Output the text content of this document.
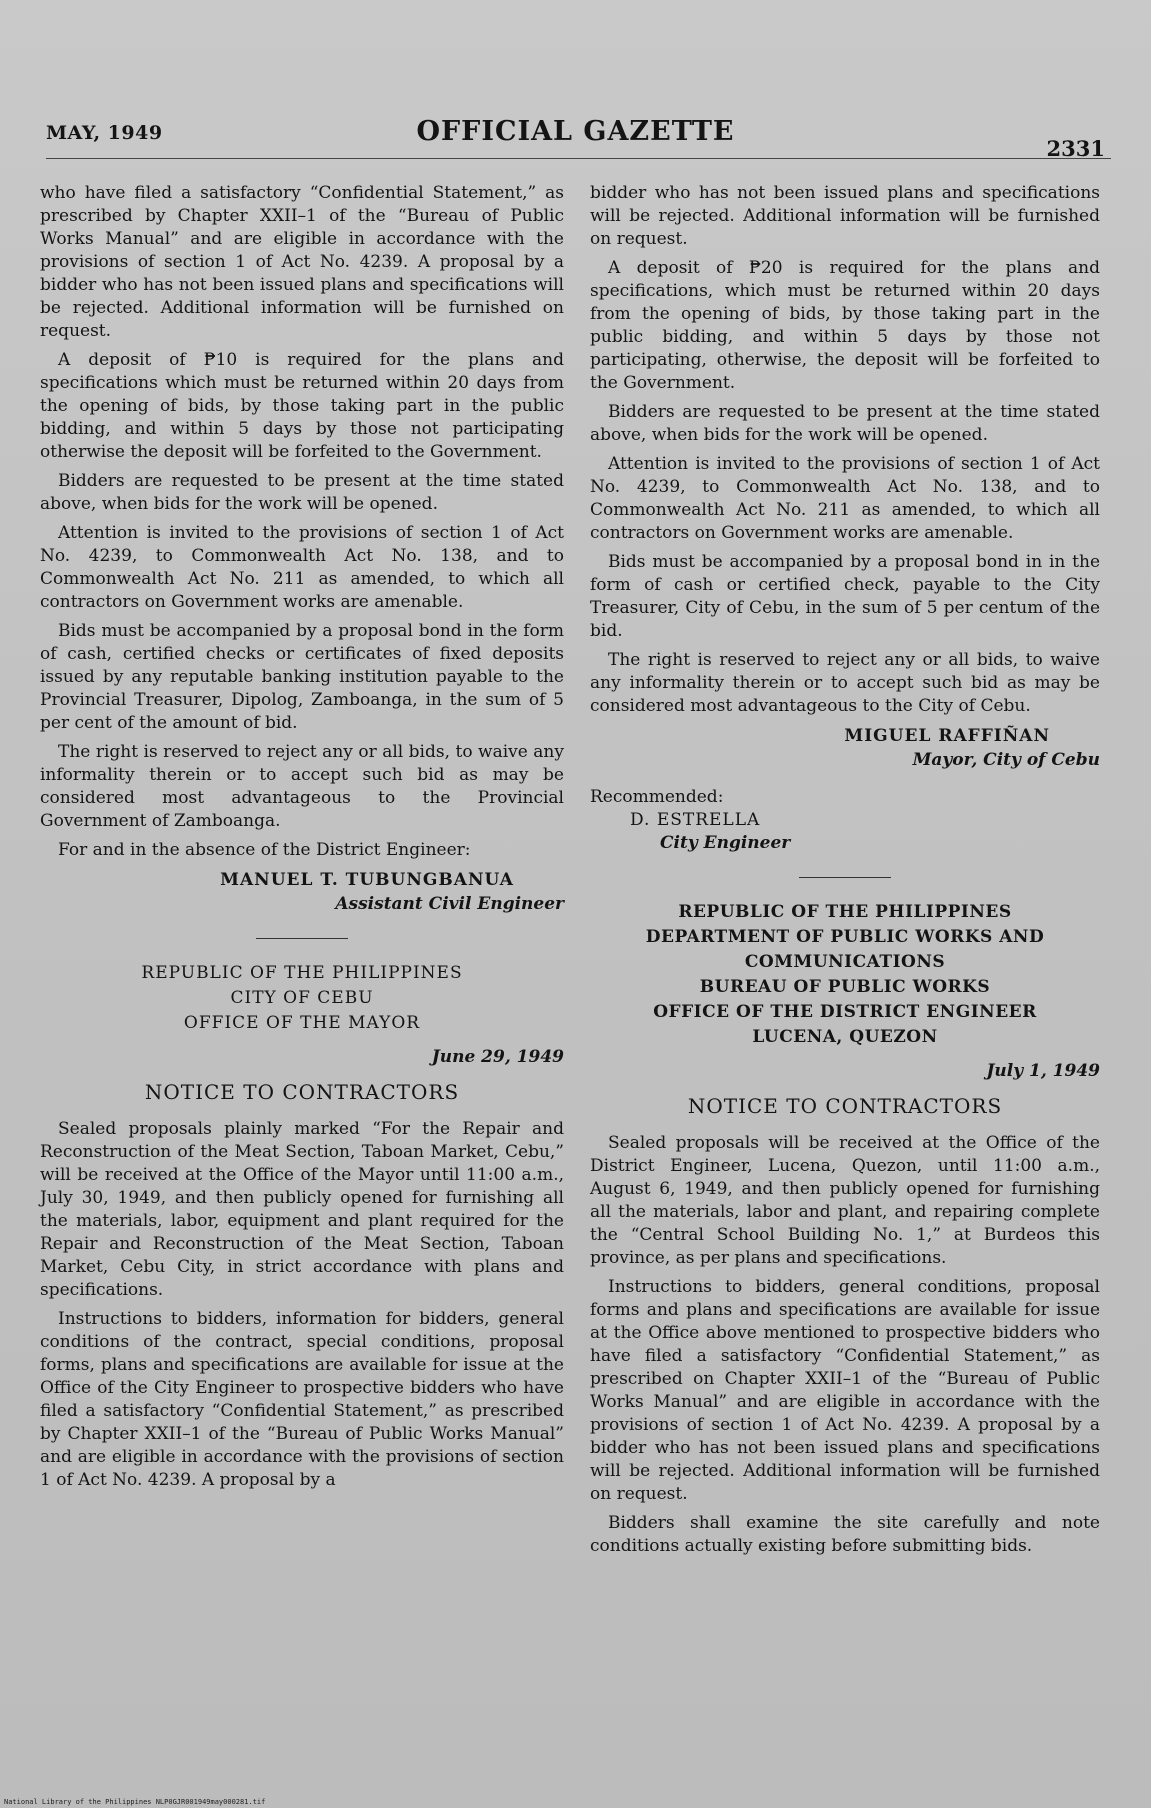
MAY, 1949	OFFICIAL GAZETTE
2331

who have filed a satisfactory “Confidential Statement,” as prescribed by Chapter XXII–1 of the “Bureau of Public Works Manual” and are eligible in accordance with the provisions of section 1 of Act No. 4239. A proposal by a bidder who has not been issued plans and specifications will be rejected. Additional information will be furnished on request.

A deposit of ₱10 is required for the plans and specifications which must be returned within 20 days from the opening of bids, by those taking part in the public bidding, and within 5 days by those not participating otherwise the deposit will be forfeited to the Government.

Bidders are requested to be present at the time stated above, when bids for the work will be opened.

Attention is invited to the provisions of section 1 of Act No. 4239, to Commonwealth Act No. 138, and to Commonwealth Act No. 211 as amended, to which all contractors on Government works are amenable.

Bids must be accompanied by a proposal bond in the form of cash, certified checks or certificates of fixed deposits issued by any reputable banking institution payable to the Provincial Treasurer, Dipolog, Zamboanga, in the sum of 5 per cent of the amount of bid.

The right is reserved to reject any or all bids, to waive any informality therein or to accept such bid as may be considered most advantageous to the Provincial Government of Zamboanga.

For and in the absence of the District Engineer:

MANUEL T. TUBUNGBANUA
Assistant Civil Engineer
REPUBLIC OF THE PHILIPPINES
CITY OF CEBU
OFFICE OF THE MAYOR
June 29, 1949
NOTICE TO CONTRACTORS

Sealed proposals plainly marked “For the Repair and Reconstruction of the Meat Section, Taboan Market, Cebu,” will be received at the Office of the Mayor until 11:00 a.m., July 30, 1949, and then publicly opened for furnishing all the materials, labor, equipment and plant required for the Repair and Reconstruction of the Meat Section, Taboan Market, Cebu City, in strict accordance with plans and specifications.

Instructions to bidders, information for bidders, general conditions of the contract, special conditions, proposal forms, plans and specifications are available for issue at the Office of the City Engineer to prospective bidders who have filed a satisfactory “Confidential Statement,” as prescribed by Chapter XXII–1 of the “Bureau of Public Works Manual” and are eligible in accordance with the provisions of section 1 of Act No. 4239. A proposal by a

bidder who has not been issued plans and specifications will be rejected. Additional information will be furnished on request.

A deposit of ₱20 is required for the plans and specifications, which must be returned within 20 days from the opening of bids, by those taking part in the public bidding, and within 5 days by those not participating, otherwise, the deposit will be forfeited to the Government.

Bidders are requested to be present at the time stated above, when bids for the work will be opened.

Attention is invited to the provisions of section 1 of Act No. 4239, to Commonwealth Act No. 138, and to Commonwealth Act No. 211 as amended, to which all contractors on Government works are amenable.

Bids must be accompanied by a proposal bond in in the form of cash or certified check, payable to the City Treasurer, City of Cebu, in the sum of 5 per centum of the bid.

The right is reserved to reject any or all bids, to waive any informality therein or to accept such bid as may be considered most advantageous to the City of Cebu.

MIGUEL RAFFIÑAN
Mayor, City of Cebu
Recommended:
D. ESTRELLA
City Engineer
REPUBLIC OF THE PHILIPPINES
DEPARTMENT OF PUBLIC WORKS AND COMMUNICATIONS
BUREAU OF PUBLIC WORKS
OFFICE OF THE DISTRICT ENGINEER
LUCENA, QUEZON
July 1, 1949
NOTICE TO CONTRACTORS

Sealed proposals will be received at the Office of the District Engineer, Lucena, Quezon, until 11:00 a.m., August 6, 1949, and then publicly opened for furnishing all the materials, labor and plant, and repairing complete the “Central School Building No. 1,” at Burdeos this province, as per plans and specifications.

Instructions to bidders, general conditions, proposal forms and plans and specifications are available for issue at the Office above mentioned to prospective bidders who have filed a satisfactory “Confidential Statement,” as prescribed on Chapter XXII–1 of the “Bureau of Public Works Manual” and are eligible in accordance with the provisions of section 1 of Act No. 4239. A proposal by a bidder who has not been issued plans and specifications will be rejected. Additional information will be furnished on request.

Bidders shall examine the site carefully and note conditions actually existing before submitting bids.

National Library of the Philippines NLP0GJR001949may000281.tif
